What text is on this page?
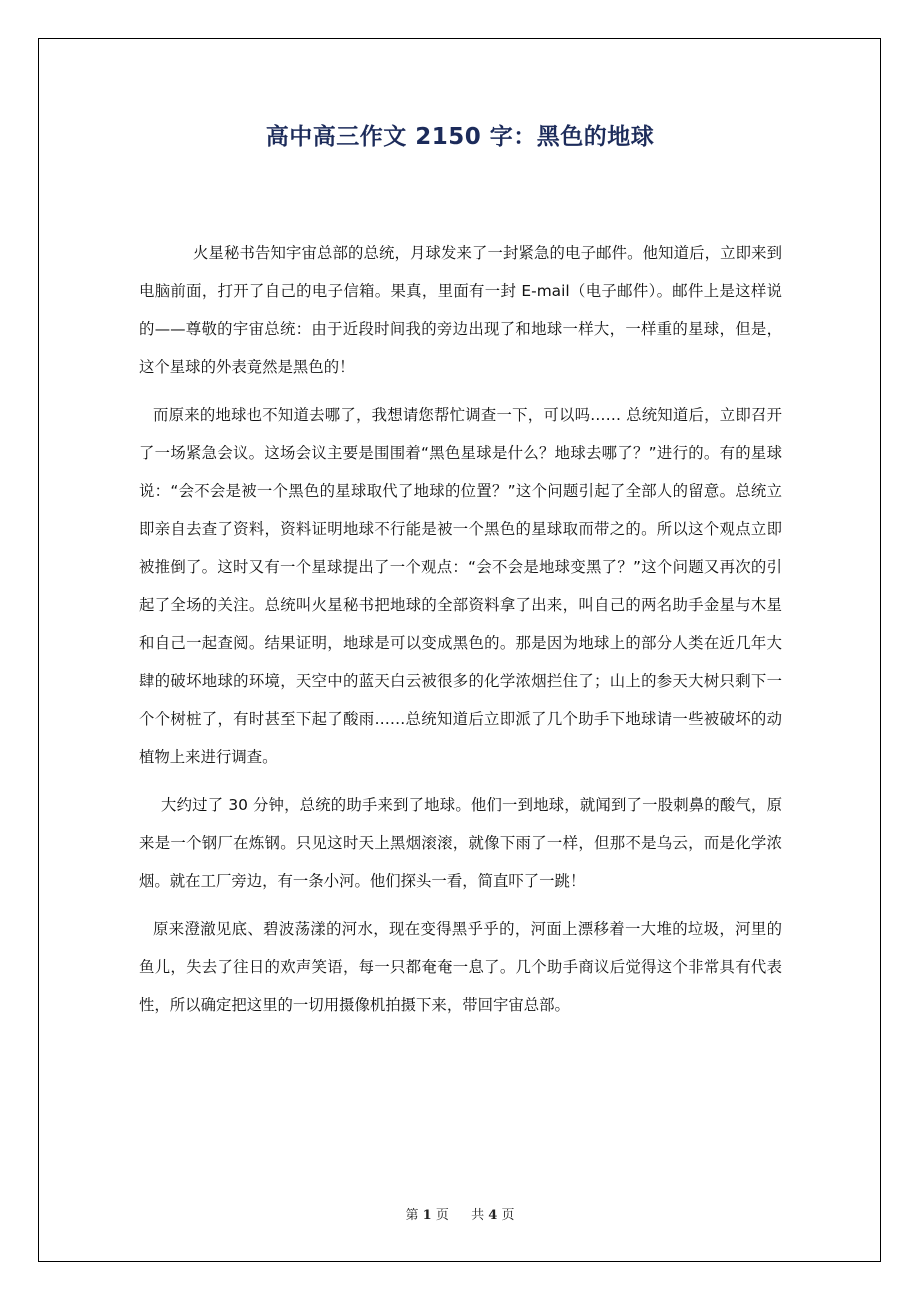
高中高三作文 2150 字：黑色的地球

火星秘书告知宇宙总部的总统，月球发来了一封紧急的电子邮件。他知道后，立即来到电脑前面，打开了自己的电子信箱。果真，里面有一封 E-mail（电子邮件）。邮件上是这样说的——尊敬的宇宙总统：由于近段时间我的旁边出现了和地球一样大，一样重的星球，但是，这个星球的外表竟然是黑色的！

而原来的地球也不知道去哪了，我想请您帮忙调查一下，可以吗…… 总统知道后，立即召开了一场紧急会议。这场会议主要是围围着“黑色星球是什么？地球去哪了？”进行的。有的星球说：“会不会是被一个黑色的星球取代了地球的位置？”这个问题引起了全部人的留意。总统立即亲自去查了资料，资料证明地球不行能是被一个黑色的星球取而带之的。所以这个观点立即被推倒了。这时又有一个星球提出了一个观点：“会不会是地球变黑了？”这个问题又再次的引起了全场的关注。总统叫火星秘书把地球的全部资料拿了出来，叫自己的两名助手金星与木星和自己一起查阅。结果证明，地球是可以变成黑色的。那是因为地球上的部分人类在近几年大肆的破坏地球的环境，天空中的蓝天白云被很多的化学浓烟拦住了；山上的参天大树只剩下一个个树桩了，有时甚至下起了酸雨……总统知道后立即派了几个助手下地球请一些被破坏的动植物上来进行调查。

大约过了 30 分钟，总统的助手来到了地球。他们一到地球，就闻到了一股刺鼻的酸气，原来是一个钢厂在炼钢。只见这时天上黑烟滚滚，就像下雨了一样，但那不是乌云，而是化学浓烟。就在工厂旁边，有一条小河。他们探头一看，简直吓了一跳！

原来澄澈见底、碧波荡漾的河水，现在变得黑乎乎的，河面上漂移着一大堆的垃圾，河里的鱼儿，失去了往日的欢声笑语，每一只都奄奄一息了。几个助手商议后觉得这个非常具有代表性，所以确定把这里的一切用摄像机拍摄下来，带回宇宙总部。

第 1 页 共 4 页
